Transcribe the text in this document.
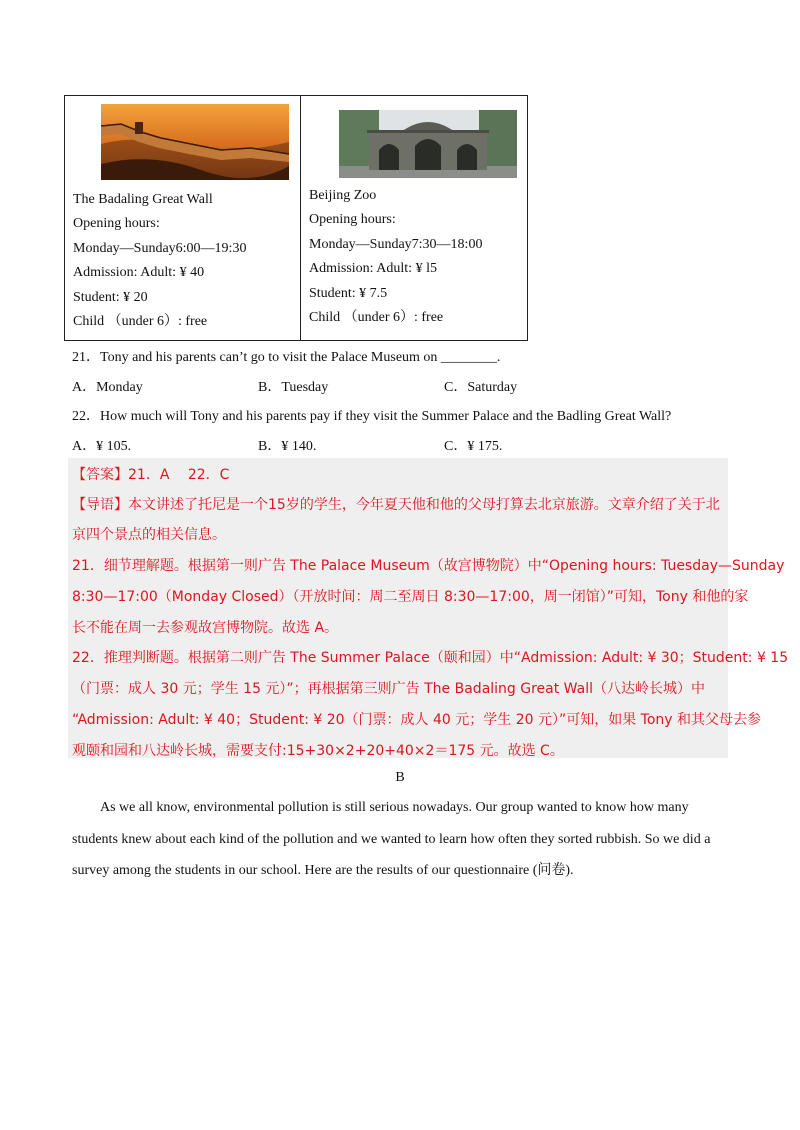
The Badaling Great Wall
Opening hours:
Monday—Sunday6:00—19:30
Admission: Adult: ¥ 40
Student: ¥ 20
Child （under 6）: free
Beijing Zoo
Opening hours:
Monday—Sunday7:30—18:00
Admission: Adult: ¥ l5
Student: ¥ 7.5
Child （under 6）: free
21．Tony and his parents can’t go to visit the Palace Museum on ________.
A．Monday	B．Tuesday	C．Saturday
22．How much will Tony and his parents pay if they visit the Summer Palace and the Badling Great Wall?
A．¥ 105.	B．¥ 140.	C．¥ 175.
【答案】21．A　 22．C
【导语】本文讲述了托尼是一个15岁的学生，今年夏天他和他的父母打算去北京旅游。文章介绍了关于北
京四个景点的相关信息。
21．细节理解题。根据第一则广告 The Palace Museum（故宫博物院）中“Opening hours: Tuesday—Sunday
8:30—17:00（Monday Closed）（开放时间：周二至周日 8:30—17:00，周一闭馆）”可知，Tony 和他的家
长不能在周一去参观故宫博物院。故选 A。
22．推理判断题。根据第二则广告 The Summer Palace（颐和园）中“Admission: Adult: ¥ 30；Student: ¥ 15
（门票：成人 30 元；学生 15 元）”；再根据第三则广告 The Badaling Great Wall（八达岭长城）中
“Admission: Adult: ¥ 40；Student: ¥ 20（门票：成人 40 元；学生 20 元）”可知，如果 Tony 和其父母去参
观颐和园和八达岭长城，需要支付:15+30×2+20+40×2＝175 元。故选 C。
B
As we all know, environmental pollution is still serious nowadays. Our group wanted to know how many students knew about each kind of the pollution and we wanted to learn how often they sorted rubbish. So we did a survey among the students in our school. Here are the results of our questionnaire (问卷).
